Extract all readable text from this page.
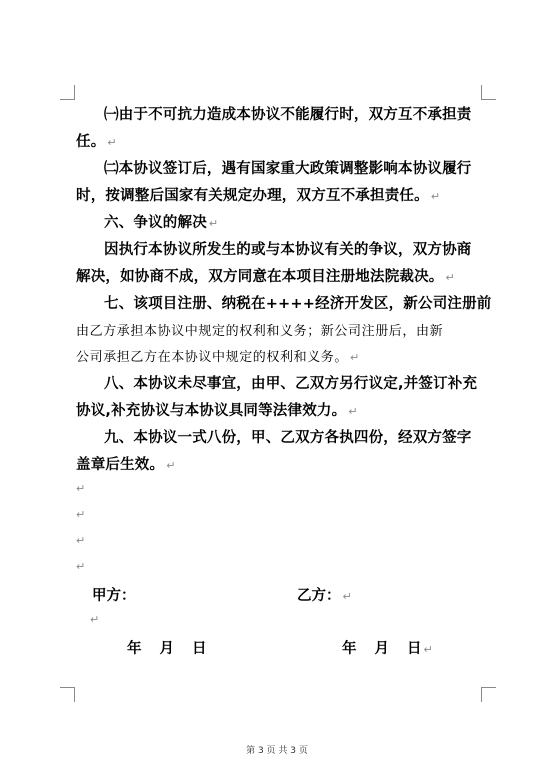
㈠由于不可抗力造成本协议不能履行时，双方互不承担责
任。 ↵
㈡本协议签订后，遇有国家重大政策调整影响本协议履行
时，按调整后国家有关规定办理，双方互不承担责任。 ↵
六、争议的解决 ↵
因执行本协议所发生的或与本协议有关的争议，双方协商
解决，如协商不成，双方同意在本项目注册地法院裁决。 ↵
七、该项目注册、纳税在++++经济开发区，新公司注册前
由乙方承担本协议中规定的权利和义务；新公司注册后，由新
公司承担乙方在本协议中规定的权利和义务。 ↵
八、本协议未尽事宜，由甲、乙双方另行议定,并签订补充
协议,补充协议与本协议具同等法律效力。 ↵
九、本协议一式八份，甲、乙双方各执四份，经双方签字
盖章后生效。 ↵
↵
↵
↵
↵
甲方：	乙方： ↵
↵
年 月 日	年 月 日 ↵
第 3 页 共 3 页
